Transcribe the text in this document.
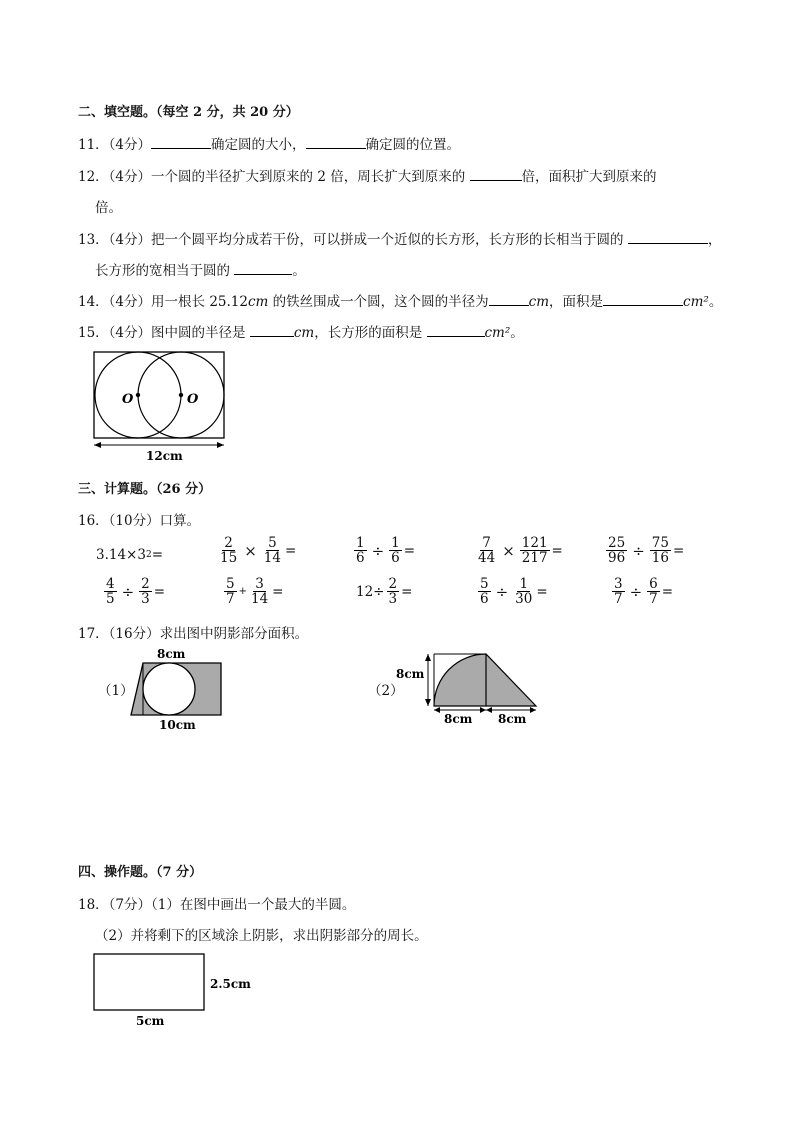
二、填空题。（每空 2 分，共 20 分）
11．（4分）	确定圆的大小，	确定圆的位置。
12．（4分）一个圆的半径扩大到原来的 2 倍，周长扩大到原来的	倍，面积扩大到原来的
倍。
13．（4分）把一个圆平均分成若干份，可以拼成一个近似的长方形，长方形的长相当于圆的	，
长方形的宽相当于圆的	。
14．（4分）用一根长 25.12cm 的铁丝围成一个圆，这个圆的半径为	cm，面积是	cm²。
15．（4分）图中圆的半径是	cm，长方形的面积是	cm²。
O	O
12cm
三、计算题。（26 分）
16．（10分）口算。
3.14×3 2 =	$\frac{2}{15} \times \frac{5}{14}$ =	$\frac{1}{6} \div \frac{1}{6}$ =	$\frac{7}{44} \times \frac{121}{217}$ =	$\frac{25}{96} \div \frac{75}{16}$ =
$\frac{4}{5} \div \frac{2}{3}$ =	$\frac{5}{7} + \frac{3}{14}$ =	$12\div \frac{2}{3}$ =	$\frac{5}{6} \div \frac{1}{30}$ =	$\frac{3}{7} \div \frac{6}{7}$ =
17．（16分）求出图中阴影部分面积。
（1）
8cm
10cm
（2）
8cm
8cm 8cm
四、操作题。（7 分）
18．（7分）（1）在图中画出一个最大的半圆。
（2）并将剩下的区域涂上阴影，求出阴影部分的周长。
2.5cm
5cm
